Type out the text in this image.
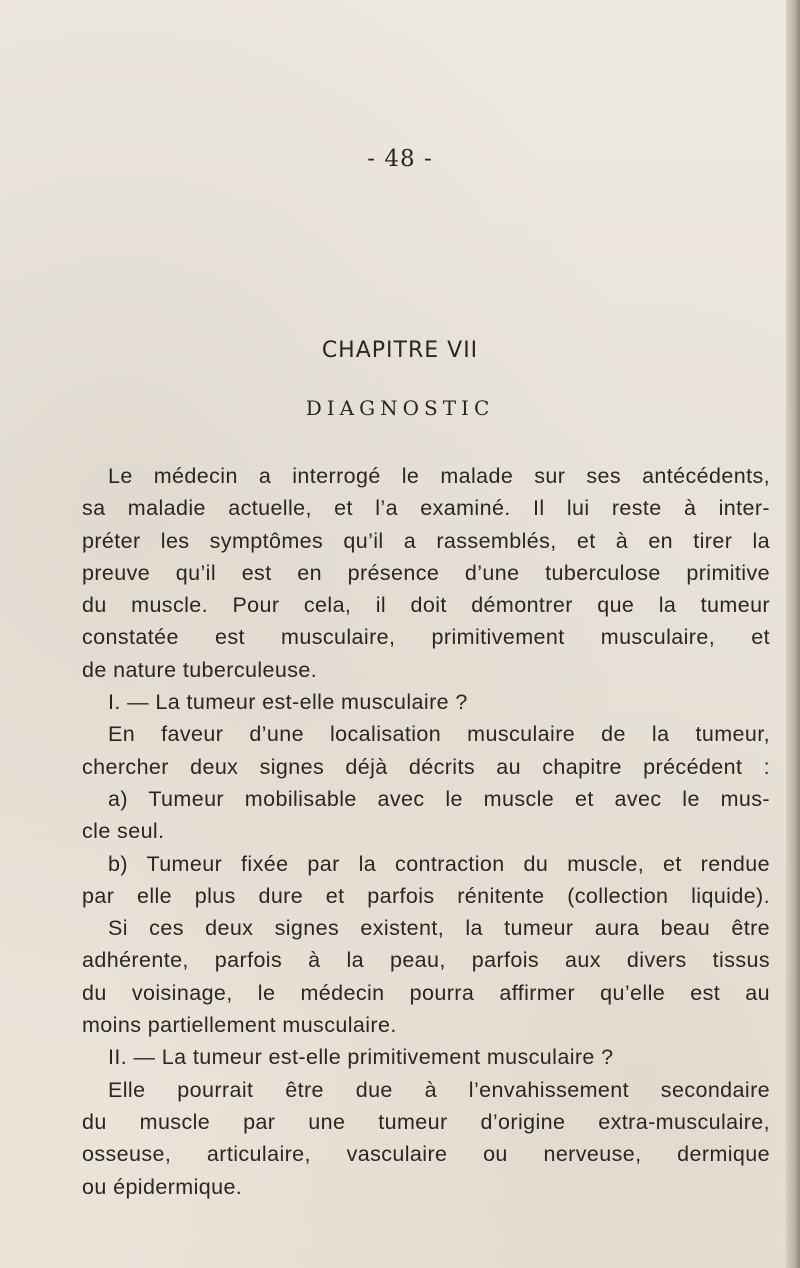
- 48 -
CHAPITRE VII
DIAGNOSTIC
Le médecin a interrogé le malade sur ses antécédents,
sa maladie actuelle, et l’a examiné. Il lui reste à inter-
préter les symptômes qu’il a rassemblés, et à en tirer la
preuve qu’il est en présence d’une tuberculose primitive
du muscle. Pour cela, il doit démontrer que la tumeur
constatée est musculaire, primitivement musculaire, et
de nature tuberculeuse.
I. — La tumeur est-elle musculaire ?
En faveur d’une localisation musculaire de la tumeur,
chercher deux signes déjà décrits au chapitre précédent :
a) Tumeur mobilisable avec le muscle et avec le mus-
cle seul.
b) Tumeur fixée par la contraction du muscle, et rendue
par elle plus dure et parfois rénitente (collection liquide).
Si ces deux signes existent, la tumeur aura beau être
adhérente, parfois à la peau, parfois aux divers tissus
du voisinage, le médecin pourra affirmer qu’elle est au
moins partiellement musculaire.
II. — La tumeur est-elle primitivement musculaire ?
Elle pourrait être due à l’envahissement secondaire
du muscle par une tumeur d’origine extra-musculaire,
osseuse, articulaire, vasculaire ou nerveuse, dermique
ou épidermique.
